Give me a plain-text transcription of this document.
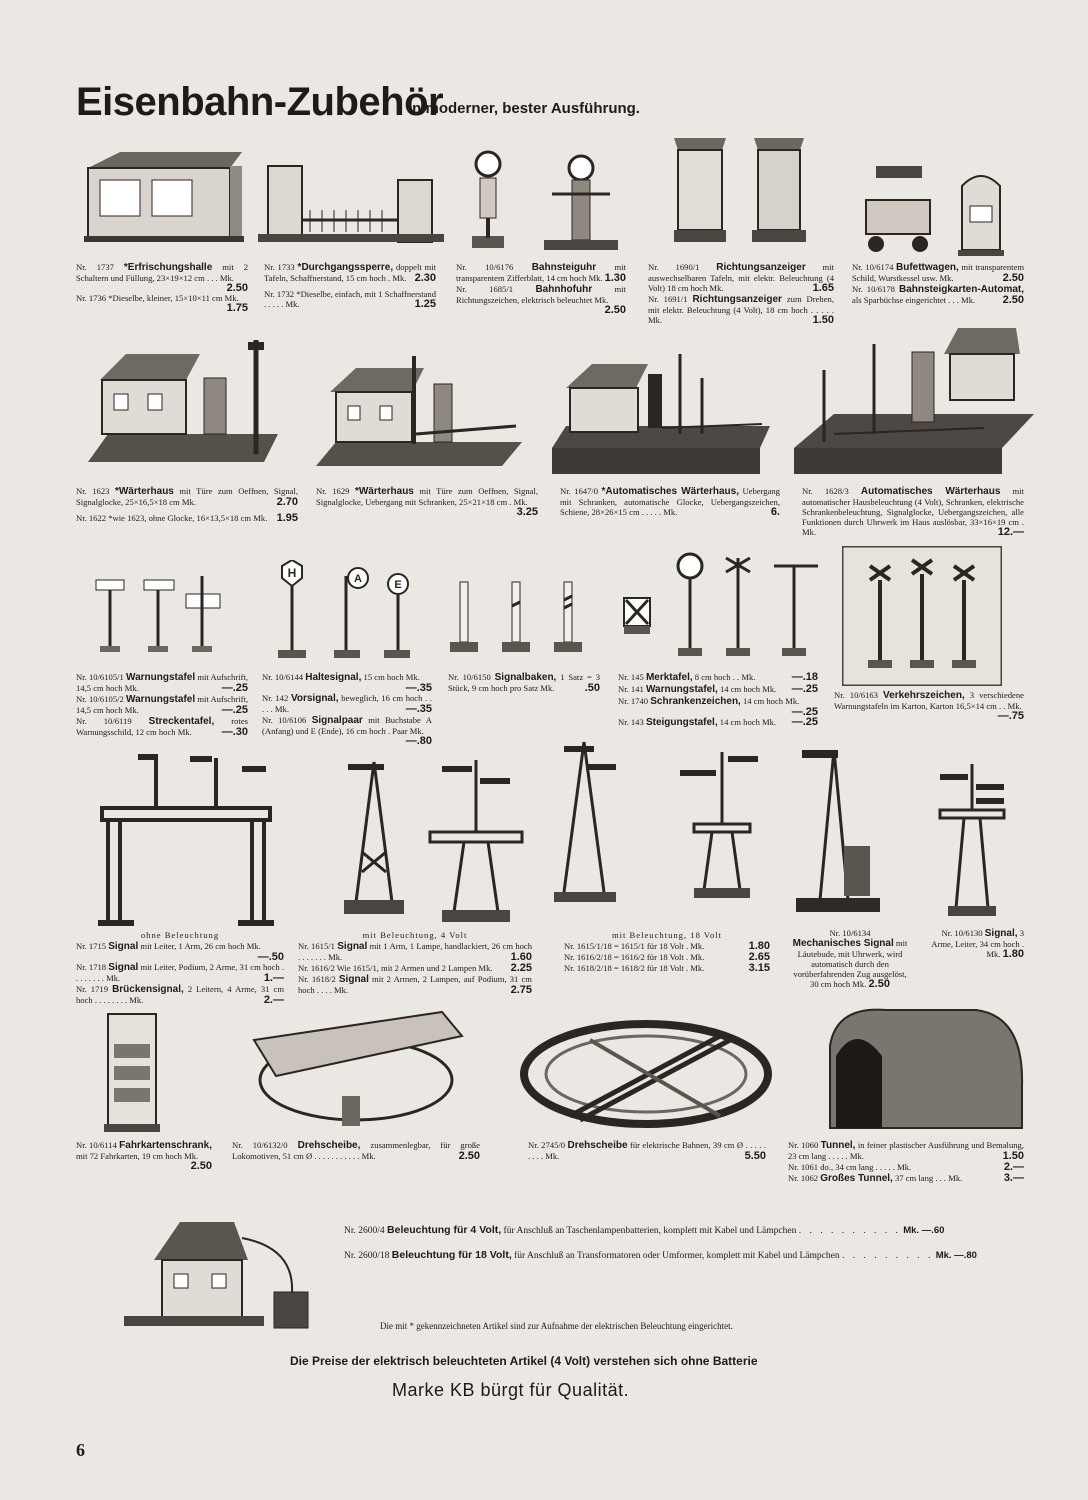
Eisenbahn-Zubehör
in moderner, bester Ausführung.

Nr. 1737 *Erfrischungshalle mit 2 Schaltern und Füllung, 23×19×12 cm . . . Mk.
2.50

Nr. 1736 *Dieselbe, kleiner, 15×10×11 cm Mk.
1.75

Nr. 1733 *Durchgangssperre, doppelt mit Tafeln, Schaffnerstand, 15 cm hoch . Mk. 2.30

Nr. 1732 *Dieselbe, einfach, mit 1 Schaffnerstand . . . . . Mk.	1.25

Nr. 10/6176 Bahnsteiguhr mit transparentem Zifferblatt, 14 cm hoch Mk. 1.30

Nr. 1685/1 Bahnhofuhr	mit Richtungszeichen, elektrisch beleuchtet Mk.
2.50

Nr. 1690/1 Richtungsanzeiger mit auswechselbaren Tafeln, mit elektr. Beleuchtung (4 Volt) 18 cm hoch Mk.	1.65

Nr. 1691/1 Richtungsanzeiger zum Drehen, mit elektr. Beleuchtung (4 Volt), 18 cm hoch . . . . . Mk.	1.50

Nr. 10/6174 Bufettwagen, mit transparentem Schild, Wurstkessel usw. Mk.	2.50

Nr. 10/6178 Bahnsteigkarten-Automat, als Sparbüchse eingerichtet . . . Mk. 2.50

Nr. 1623 *Wärterhaus mit Türe zum Oeffnen, Signal, Signalglocke, 25×16,5×18 cm Mk.	2.70

Nr. 1622 *wie 1623, ohne Glocke, 16×13,5×18 cm Mk. 1.95

Nr. 1629 *Wärterhaus mit Türe zum Oeffnen, Signal, Signalglocke, Uebergang mit Schranken, 25×21×18 cm . Mk.
3.25

Nr. 1647/0 *Automatisches Wärterhaus, Uebergang mit Schranken, automatische Glocke, Uebergangszeichen, Schiene, 28×26×15 cm . . . . . Mk.	6.

Nr. 1628/3 Automatisches Wärterhaus mit automatischer Hausbeleuchtung (4 Volt), Schranken, elektrische Schrankenbeleuchtung, Signalglocke, Uebergangszeichen, alle Funktionen durch Uhrwerk im Haus auslösbar, 33×16×19 cm . Mk.	12.—

H	A	E

Nr. 10/6105/1 Warnungstafel mit Aufschrift, 14,5 cm hoch Mk.	—.25

Nr. 10/6105/2 Warnungstafel mit Aufschrift, 14,5 cm hoch Mk.	—.25

Nr. 10/6119 Streckentafel, rotes Warnungsschild, 12 cm hoch Mk.	—.30

Nr. 10/6144 Haltesignal, 15 cm hoch Mk.
—.35

Nr. 142 Vorsignal, beweglich, 16 cm hoch . . . . . Mk.	—.35

Nr. 10/6106 Signalpaar mit Buchstabe A (Anfang) und E (Ende), 16 cm hoch . Paar Mk.
—.80

Nr. 10/6150 Signalbaken, 1 Satz = 3 Stück, 9 cm hoch pro Satz Mk.	.50

Nr. 145 Merktafel, 8 cm hoch . . Mk.	—.18

Nr. 141 Warnungstafel, 14 cm hoch Mk. —.25

Nr. 1740 Schrankenzeichen, 14 cm hoch Mk.
—.25

Nr. 143 Steigungstafel, 14 cm hoch Mk. —.25

Nr. 10/6163 Verkehrszeichen, 3 verschiedene Warnungstafeln im Karton, Karton 16,5×14 cm . . Mk.
—.75

ohne Beleuchtung

Nr. 1715 Signal mit Leiter, 1 Arm, 26 cm hoch Mk.
—.50

Nr. 1718 Signal mit Leiter, Podium, 2 Arme, 31 cm hoch . . . . . . . . Mk.	1.—

Nr. 1719 Brückensignal, 2 Leitern, 4 Arme, 31 cm hoch . . . . . . . . Mk.	2.—

mit Beleuchtung, 4 Volt

Nr. 1615/1 Signal mit 1 Arm, 1 Lampe, handlackiert, 26 cm hoch . . . . . . . Mk.	1.60

Nr. 1616/2 Wie 1615/1, mit 2 Armen und 2 Lampen Mk. 2.25

Nr. 1618/2 Signal mit 2 Armen, 2 Lampen, auf Podium, 31 cm hoch . . . . Mk.	2.75

mit Beleuchtung, 18 Volt

Nr. 1615/1/18 = 1615/1 für 18 Volt . Mk.	1.80

Nr. 1616/2/18 = 1616/2 für 18 Volt . Mk.	2.65

Nr. 1618/2/18 = 1618/2 für 18 Volt . Mk.	3.15

Nr. 10/6134
Mechanisches Signal mit Läutebude, mit Uhrwerk, wird automatisch durch den vorüberfahrenden Zug ausgelöst, 30 cm hoch Mk. 2.50

Nr. 10/6130 Signal, 3 Arme, Leiter, 34 cm hoch . Mk. 1.80

Nr. 10/6114 Fahrkartenschrank, mit 72 Fahrkarten, 19 cm hoch Mk.
2.50

Nr. 10/6132/0 Drehscheibe, zusammenlegbar, für große Lokomotiven, 51 cm Ø . . . . . . . . . . . Mk.	2.50

Nr. 2745/0 Drehscheibe für elektrische Bahnen, 39 cm Ø . . . . . . . . . Mk.	5.50

Nr. 1060 Tunnel, in feiner plastischer Ausführung und Bemalung, 23 cm lang . . . . . Mk.	1.50

Nr. 1061 do., 34 cm lang . . . . . Mk.	2.—

Nr. 1062 Großes Tunnel, 37 cm lang . . . Mk.	3.—

Nr. 2600/4 Beleuchtung für 4 Volt, für Anschluß an Taschenlampenbatterien, komplett mit Kabel und Lämpchen . . . . . . . . . . Mk. —.60
Nr. 2600/18 Beleuchtung für 18 Volt, für Anschluß an Transformatoren oder Umformer, komplett mit Kabel und Lämpchen . . . . . . . . . Mk. —.80
Die mit * gekennzeichneten Artikel sind zur Aufnahme der elektrischen Beleuchtung eingerichtet.
Die Preise der elektrisch beleuchteten Artikel (4 Volt) verstehen sich ohne Batterie
Marke KB bürgt für Qualität.
6
